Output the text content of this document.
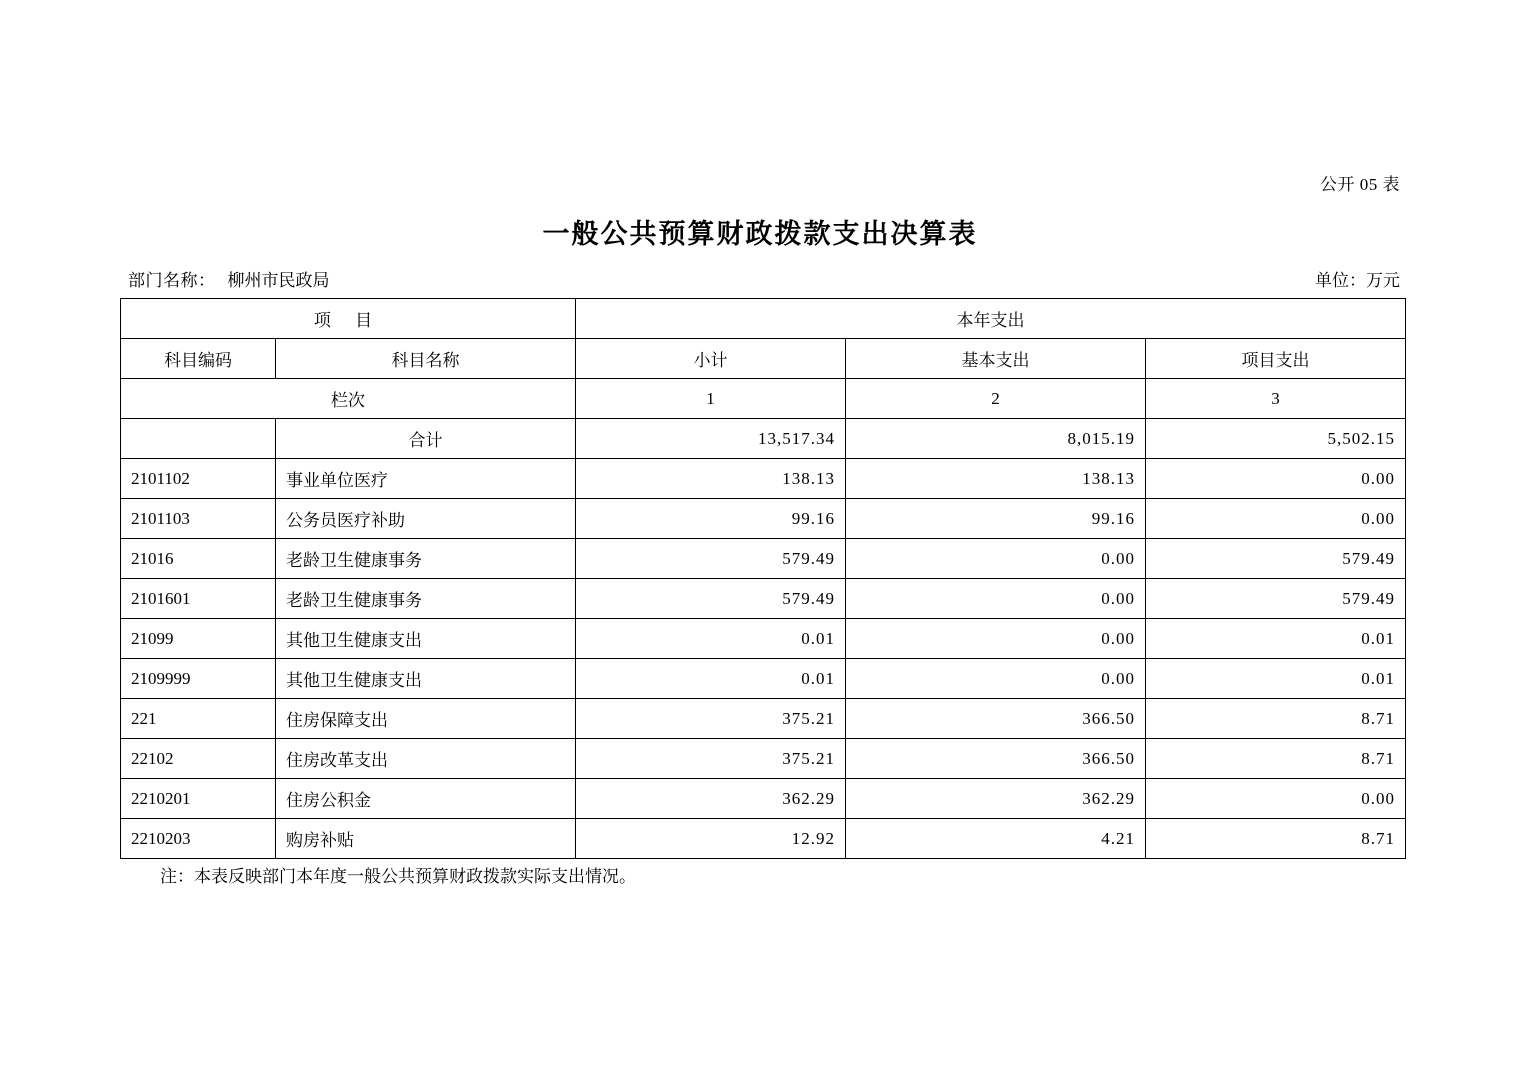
公开 05 表
一般公共预算财政拨款支出决算表
部门名称： 柳州市民政局	单位：万元
项 目		本年支出		
科目编码	科目名称	小计	基本支出	项目支出
栏次		1	2	3
	合计	13,517.34	8,015.19	5,502.15
2101102	事业单位医疗	138.13	138.13	0.00
2101103	公务员医疗补助	99.16	99.16	0.00
21016	老龄卫生健康事务	579.49	0.00	579.49
2101601	老龄卫生健康事务	579.49	0.00	579.49
21099	其他卫生健康支出	0.01	0.00	0.01
2109999	其他卫生健康支出	0.01	0.00	0.01
221	住房保障支出	375.21	366.50	8.71
22102	住房改革支出	375.21	366.50	8.71
2210201	住房公积金	362.29	362.29	0.00
2210203	购房补贴	12.92	4.21	8.71
注：本表反映部门本年度一般公共预算财政拨款实际支出情况。
